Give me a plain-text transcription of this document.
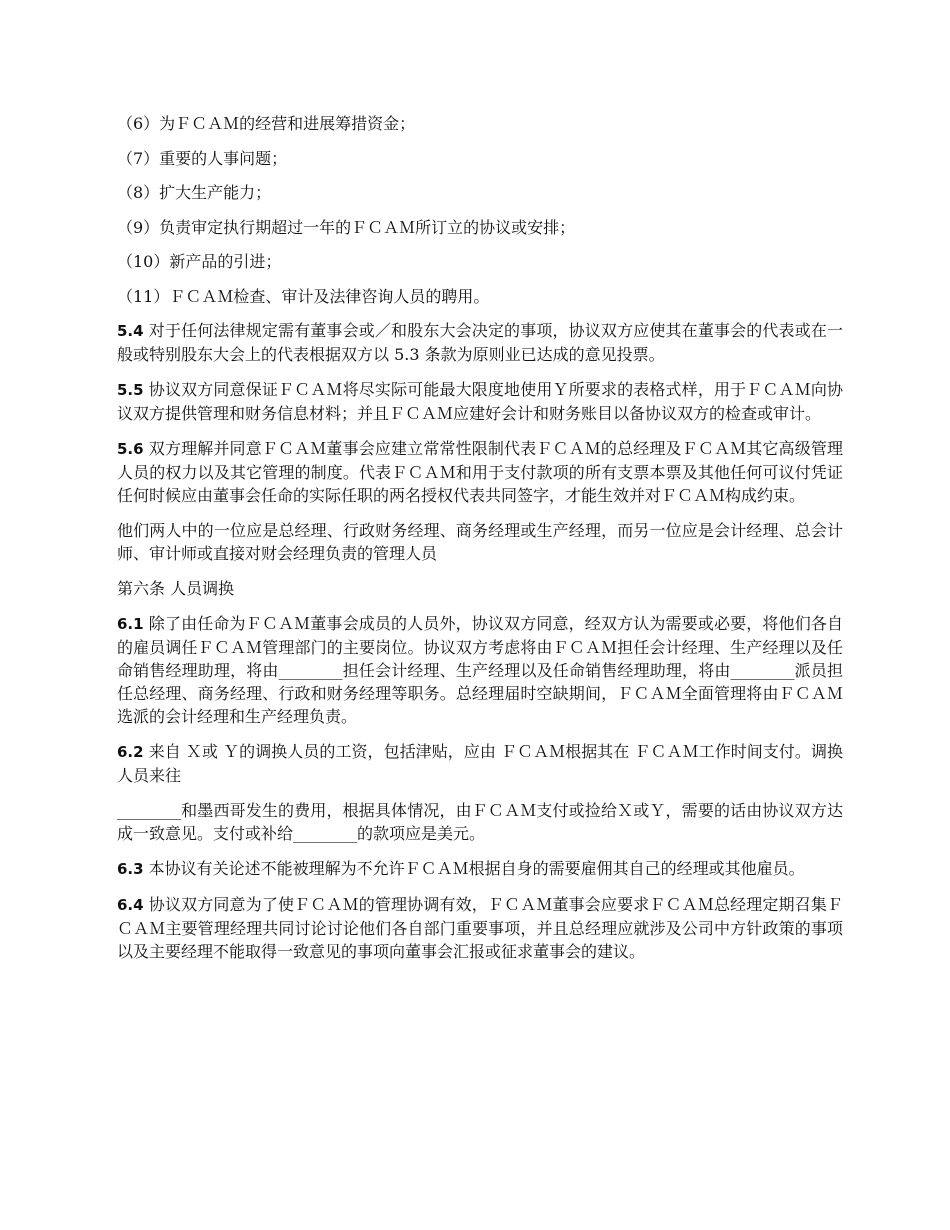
（6）为ＦＣＡＭ的经营和进展筹措资金；

（7）重要的人事问题；

（8）扩大生产能力；

（9）负责审定执行期超过一年的ＦＣＡＭ所订立的协议或安排；

（10）新产品的引进；

（11）ＦＣＡＭ检查、审计及法律咨询人员的聘用。

5.4 对于任何法律规定需有董事会或／和股东大会决定的事项，协议双方应使其在董事会的代表或在一般或特别股东大会上的代表根据双方以 5.3 条款为原则业已达成的意见投票。

5.5 协议双方同意保证ＦＣＡＭ将尽实际可能最大限度地使用Ｙ所要求的表格式样，用于ＦＣＡＭ向协议双方提供管理和财务信息材料；并且ＦＣＡＭ应建好会计和财务账目以备协议双方的检查或审计。

5.6 双方理解并同意ＦＣＡＭ董事会应建立常常性限制代表ＦＣＡＭ的总经理及ＦＣＡＭ其它高级管理人员的权力以及其它管理的制度。代表ＦＣＡＭ和用于支付款项的所有支票本票及其他任何可议付凭证任何时候应由董事会任命的实际任职的两名授权代表共同签字，才能生效并对ＦＣＡＭ构成约束。

他们两人中的一位应是总经理、行政财务经理、商务经理或生产经理，而另一位应是会计经理、总会计师、审计师或直接对财会经理负责的管理人员

第六条 人员调换

6.1 除了由任命为ＦＣＡＭ董事会成员的人员外，协议双方同意，经双方认为需要或必要，将他们各自的雇员调任ＦＣＡＭ管理部门的主要岗位。协议双方考虑将由ＦＣＡＭ担任会计经理、生产经理以及任命销售经理助理，将由________担任会计经理、生产经理以及任命销售经理助理，将由________派员担任总经理、商务经理、行政和财务经理等职务。总经理届时空缺期间，ＦＣＡＭ全面管理将由ＦＣＡＭ选派的会计经理和生产经理负责。

6.2 来自 Ｘ或 Ｙ的调换人员的工资，包括津贴，应由 ＦＣＡＭ根据其在 ＦＣＡＭ工作时间支付。调换人员来往

________和墨西哥发生的费用，根据具体情况，由ＦＣＡＭ支付或捡给Ｘ或Ｙ，需要的话由协议双方达成一致意见。支付或补给________的款项应是美元。

6.3 本协议有关论述不能被理解为不允许ＦＣＡＭ根据自身的需要雇佣其自己的经理或其他雇员。

6.4 协议双方同意为了使ＦＣＡＭ的管理协调有效，ＦＣＡＭ董事会应要求ＦＣＡＭ总经理定期召集ＦＣＡＭ主要管理经理共同讨论讨论他们各自部门重要事项，并且总经理应就涉及公司中方针政策的事项以及主要经理不能取得一致意见的事项向董事会汇报或征求董事会的建议。
